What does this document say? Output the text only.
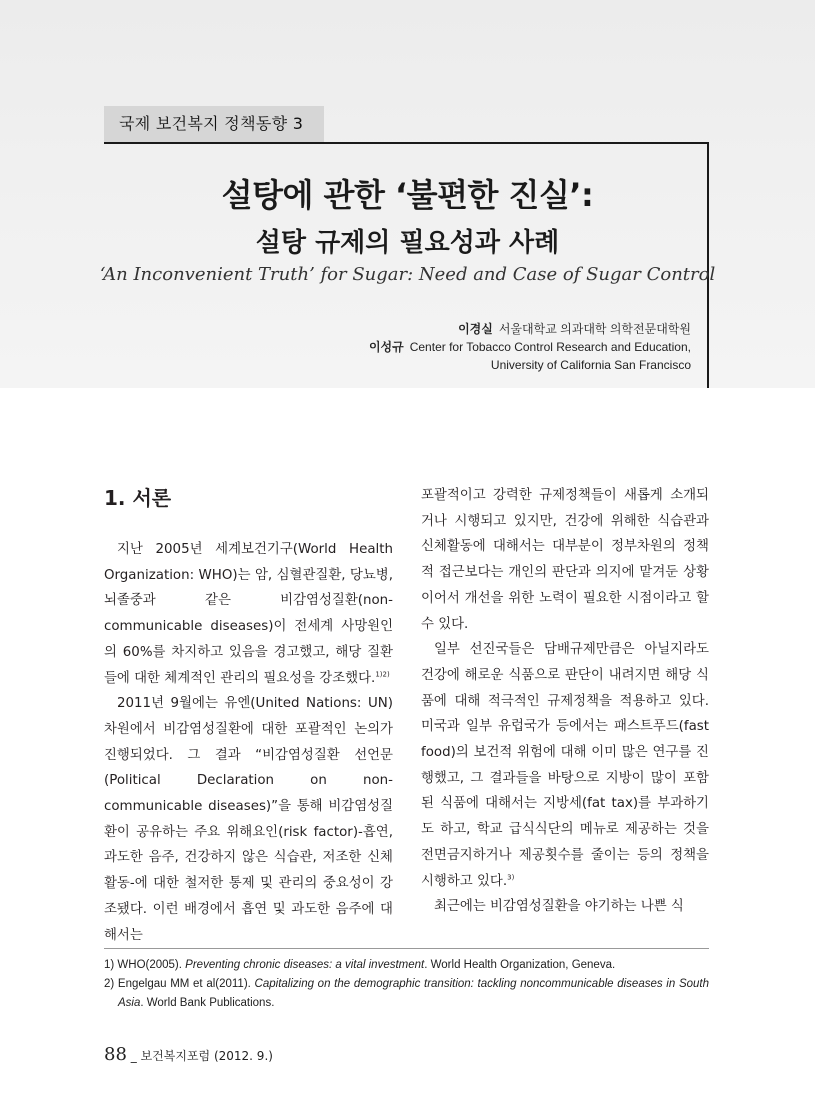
국제 보건복지 정책동향 3
설탕에 관한 ‘불편한 진실’:
설탕 규제의 필요성과 사례
‘An Inconvenient Truth’ for Sugar: Need and Case of Sugar Control
이경실 서울대학교 의과대학 의학전문대학원
이성규 Center for Tobacco Control Research and Education,
University of California San Francisco
1. 서론

지난 2005년 세계보건기구(World Health Organization: WHO)는 암, 심혈관질환, 당뇨병, 뇌졸중과 같은 비감염성질환(non-communicable diseases)이 전세계 사망원인의 60%를 차지하고 있음을 경고했고, 해당 질환들에 대한 체계적인 관리의 필요성을 강조했다.$^{1)2)}$

2011년 9월에는 유엔(United Nations: UN) 차원에서 비감염성질환에 대한 포괄적인 논의가 진행되었다. 그 결과 “비감염성질환 선언문(Political Declaration on non-communicable diseases)”을 통해 비감염성질환이 공유하는 주요 위해요인(risk factor)-흡연, 과도한 음주, 건강하지 않은 식습관, 저조한 신체활동-에 대한 철저한 통제 및 관리의 중요성이 강조됐다. 이런 배경에서 흡연 및 과도한 음주에 대해서는

포괄적이고 강력한 규제정책들이 새롭게 소개되거나 시행되고 있지만, 건강에 위해한 식습관과 신체활동에 대해서는 대부분이 정부차원의 정책적 접근보다는 개인의 판단과 의지에 맡겨둔 상황이어서 개선을 위한 노력이 필요한 시점이라고 할 수 있다.

일부 선진국들은 담배규제만큼은 아닐지라도 건강에 해로운 식품으로 판단이 내려지면 해당 식품에 대해 적극적인 규제정책을 적용하고 있다. 미국과 일부 유럽국가 등에서는 패스트푸드(fast food)의 보건적 위험에 대해 이미 많은 연구를 진행했고, 그 결과들을 바탕으로 지방이 많이 포함된 식품에 대해서는 지방세(fat tax)를 부과하기도 하고, 학교 급식식단의 메뉴로 제공하는 것을 전면금지하거나 제공횟수를 줄이는 등의 정책을 시행하고 있다.$^{3)}$

최근에는 비감염성질환을 야기하는 나쁜 식

1) WHO(2005). Preventing chronic diseases: a vital investment. World Health Organization, Geneva.
2) Engelgau MM et al(2011). Capitalizing on the demographic transition: tackling noncommunicable diseases in South Asia. World Bank Publications.
88 _ 보건복지포럼 (2012. 9.)
